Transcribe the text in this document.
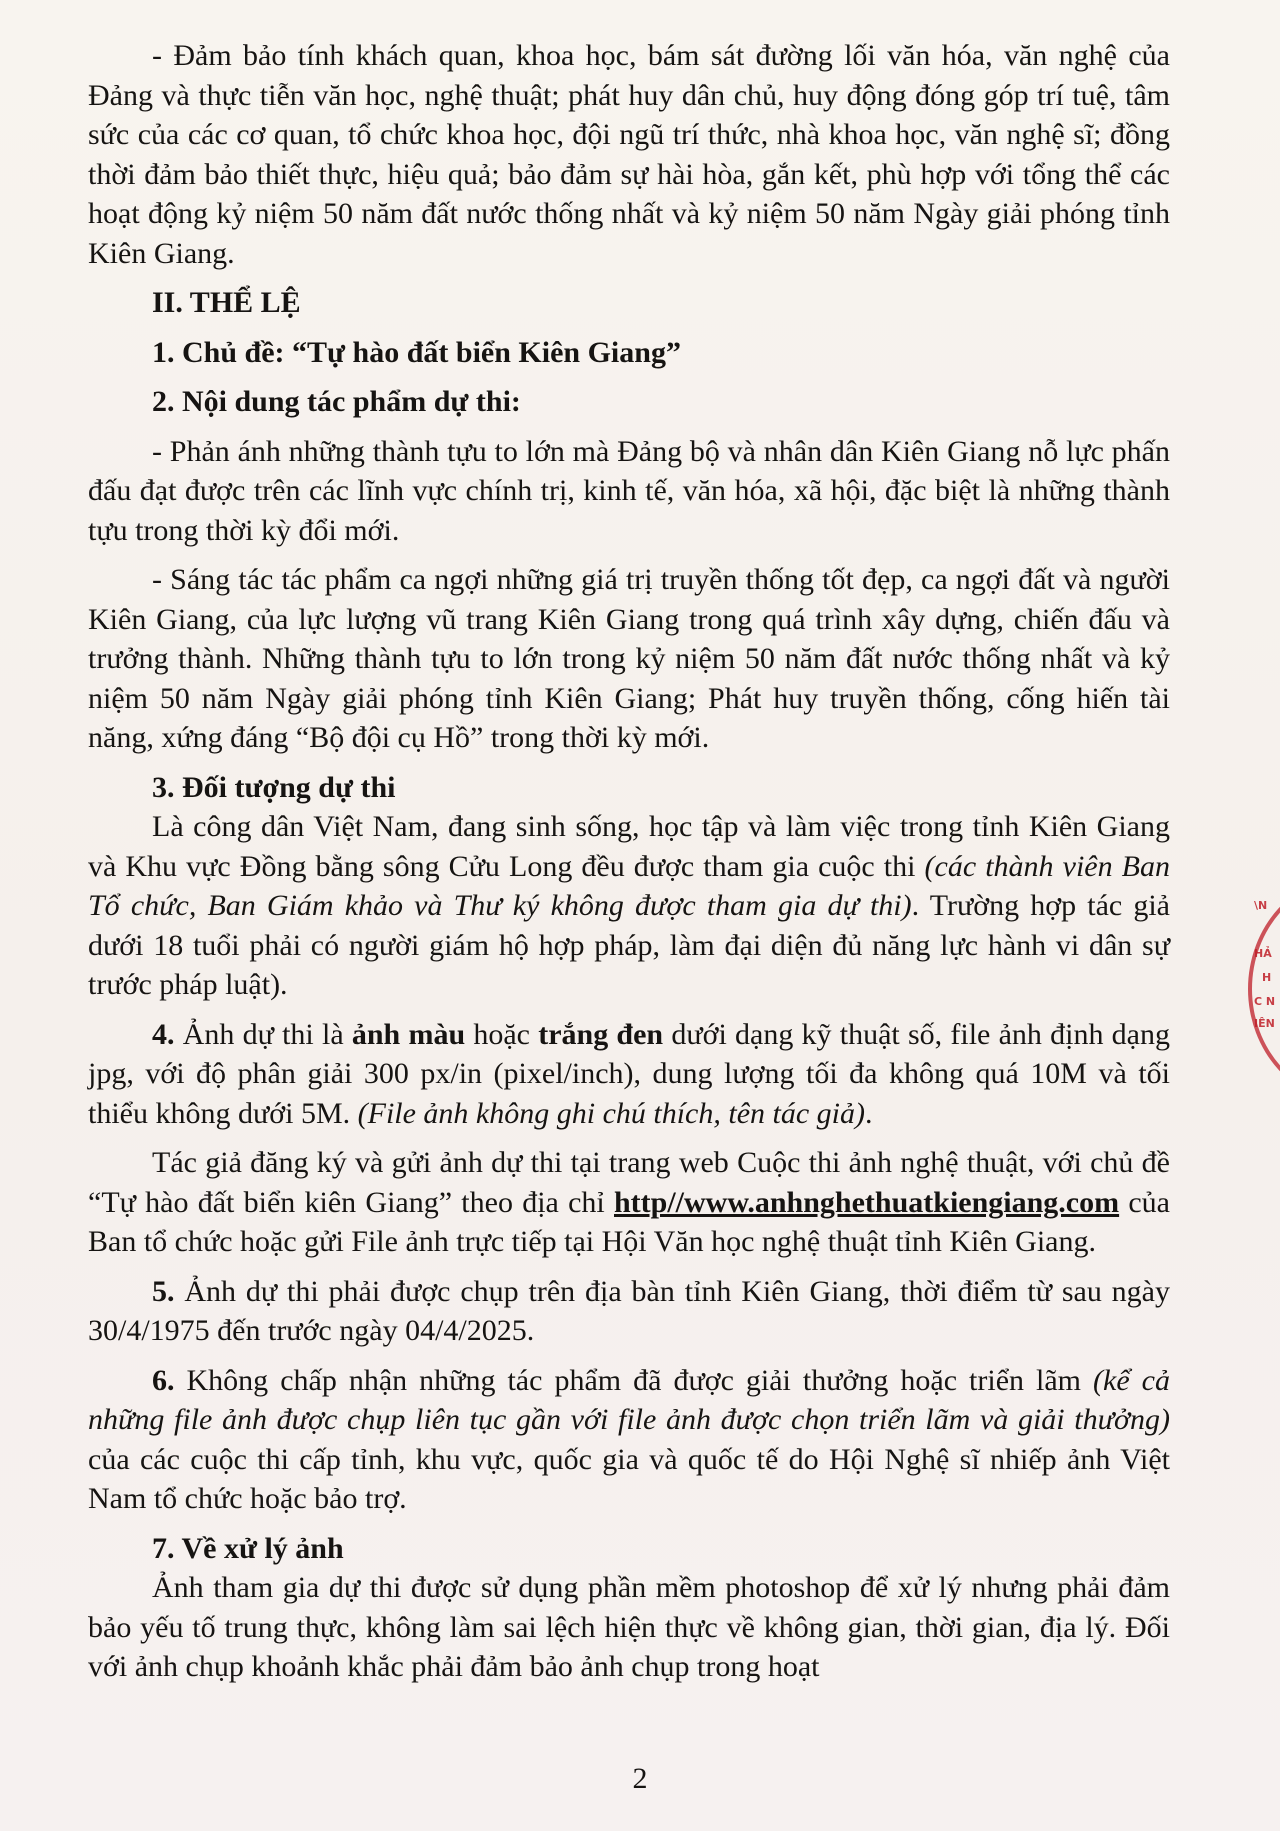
- Đảm bảo tính khách quan, khoa học, bám sát đường lối văn hóa, văn nghệ của Đảng và thực tiễn văn học, nghệ thuật; phát huy dân chủ, huy động đóng góp trí tuệ, tâm sức của các cơ quan, tổ chức khoa học, đội ngũ trí thức, nhà khoa học, văn nghệ sĩ; đồng thời đảm bảo thiết thực, hiệu quả; bảo đảm sự hài hòa, gắn kết, phù hợp với tổng thể các hoạt động kỷ niệm 50 năm đất nước thống nhất và kỷ niệm 50 năm Ngày giải phóng tỉnh Kiên Giang.

II. THỂ LỆ

1. Chủ đề: “Tự hào đất biển Kiên Giang”

2. Nội dung tác phẩm dự thi:

- Phản ánh những thành tựu to lớn mà Đảng bộ và nhân dân Kiên Giang nỗ lực phấn đấu đạt được trên các lĩnh vực chính trị, kinh tế, văn hóa, xã hội, đặc biệt là những thành tựu trong thời kỳ đổi mới.

- Sáng tác tác phẩm ca ngợi những giá trị truyền thống tốt đẹp, ca ngợi đất và người Kiên Giang, của lực lượng vũ trang Kiên Giang trong quá trình xây dựng, chiến đấu và trưởng thành. Những thành tựu to lớn trong kỷ niệm 50 năm đất nước thống nhất và kỷ niệm 50 năm Ngày giải phóng tỉnh Kiên Giang; Phát huy truyền thống, cống hiến tài năng, xứng đáng “Bộ đội cụ Hồ” trong thời kỳ mới.

3. Đối tượng dự thi

Là công dân Việt Nam, đang sinh sống, học tập và làm việc trong tỉnh Kiên Giang và Khu vực Đồng bằng sông Cửu Long đều được tham gia cuộc thi (các thành viên Ban Tổ chức, Ban Giám khảo và Thư ký không được tham gia dự thi). Trường hợp tác giả dưới 18 tuổi phải có người giám hộ hợp pháp, làm đại diện đủ năng lực hành vi dân sự trước pháp luật).

4. Ảnh dự thi là ảnh màu hoặc trắng đen dưới dạng kỹ thuật số, file ảnh định dạng jpg, với độ phân giải 300 px/in (pixel/inch), dung lượng tối đa không quá 10M và tối thiểu không dưới 5M. (File ảnh không ghi chú thích, tên tác giả).

Tác giả đăng ký và gửi ảnh dự thi tại trang web Cuộc thi ảnh nghệ thuật, với chủ đề “Tự hào đất biển kiên Giang” theo địa chỉ http//www.anhnghethuatkiengiang.com của Ban tổ chức hoặc gửi File ảnh trực tiếp tại Hội Văn học nghệ thuật tỉnh Kiên Giang.

5. Ảnh dự thi phải được chụp trên địa bàn tỉnh Kiên Giang, thời điểm từ sau ngày 30/4/1975 đến trước ngày 04/4/2025.

6. Không chấp nhận những tác phẩm đã được giải thưởng hoặc triển lãm (kể cả những file ảnh được chụp liên tục gần với file ảnh được chọn triển lãm và giải thưởng) của các cuộc thi cấp tỉnh, khu vực, quốc gia và quốc tế do Hội Nghệ sĩ nhiếp ảnh Việt Nam tổ chức hoặc bảo trợ.

7. Về xử lý ảnh

Ảnh tham gia dự thi được sử dụng phần mềm photoshop để xử lý nhưng phải đảm bảo yếu tố trung thực, không làm sai lệch hiện thực về không gian, thời gian, địa lý. Đối với ảnh chụp khoảnh khắc phải đảm bảo ảnh chụp trong hoạt

\N
HẢ
H
C N
IÊN
2
